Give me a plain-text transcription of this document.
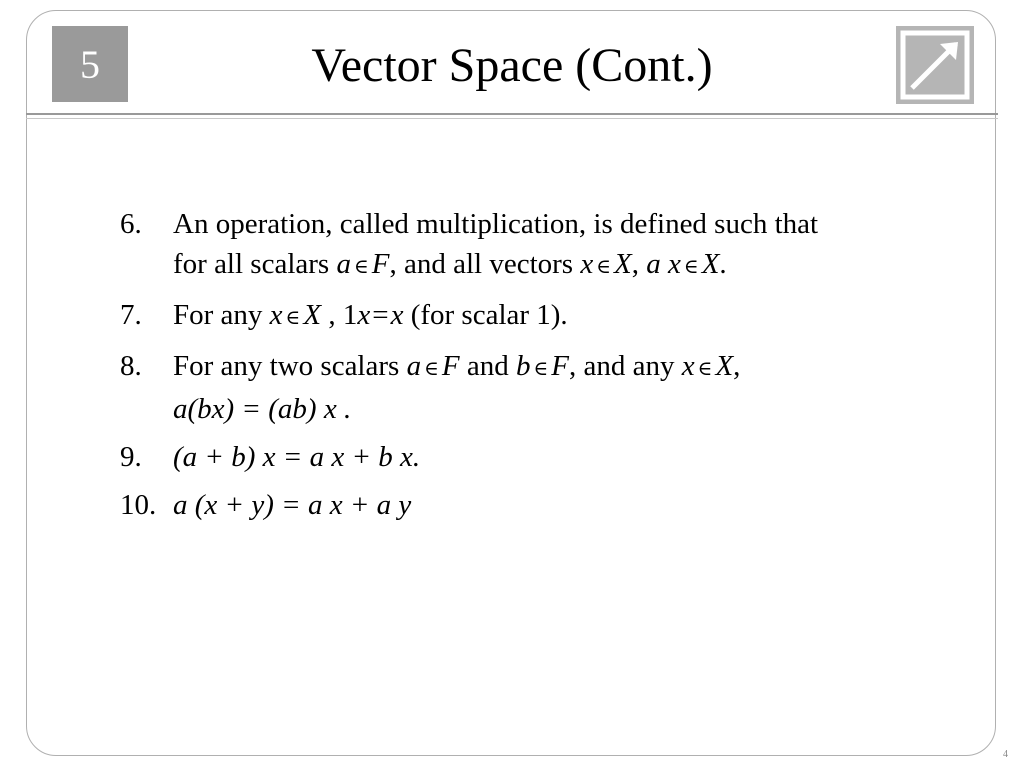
5	Vector Space (Cont.)
6.	An operation, called multiplication, is defined such that
for all scalars a ∈ F, and all vectors x ∈ X, a x ∈ X.
7.	For any x ∈ X , 1x=x (for scalar 1).
8.	For any two scalars a ∈ F and b ∈ F, and any x ∈ X,
a(bx) = (ab) x .
9.	(a + b) x = a x + b x.
10. a (x + y) = a x + a y
4
